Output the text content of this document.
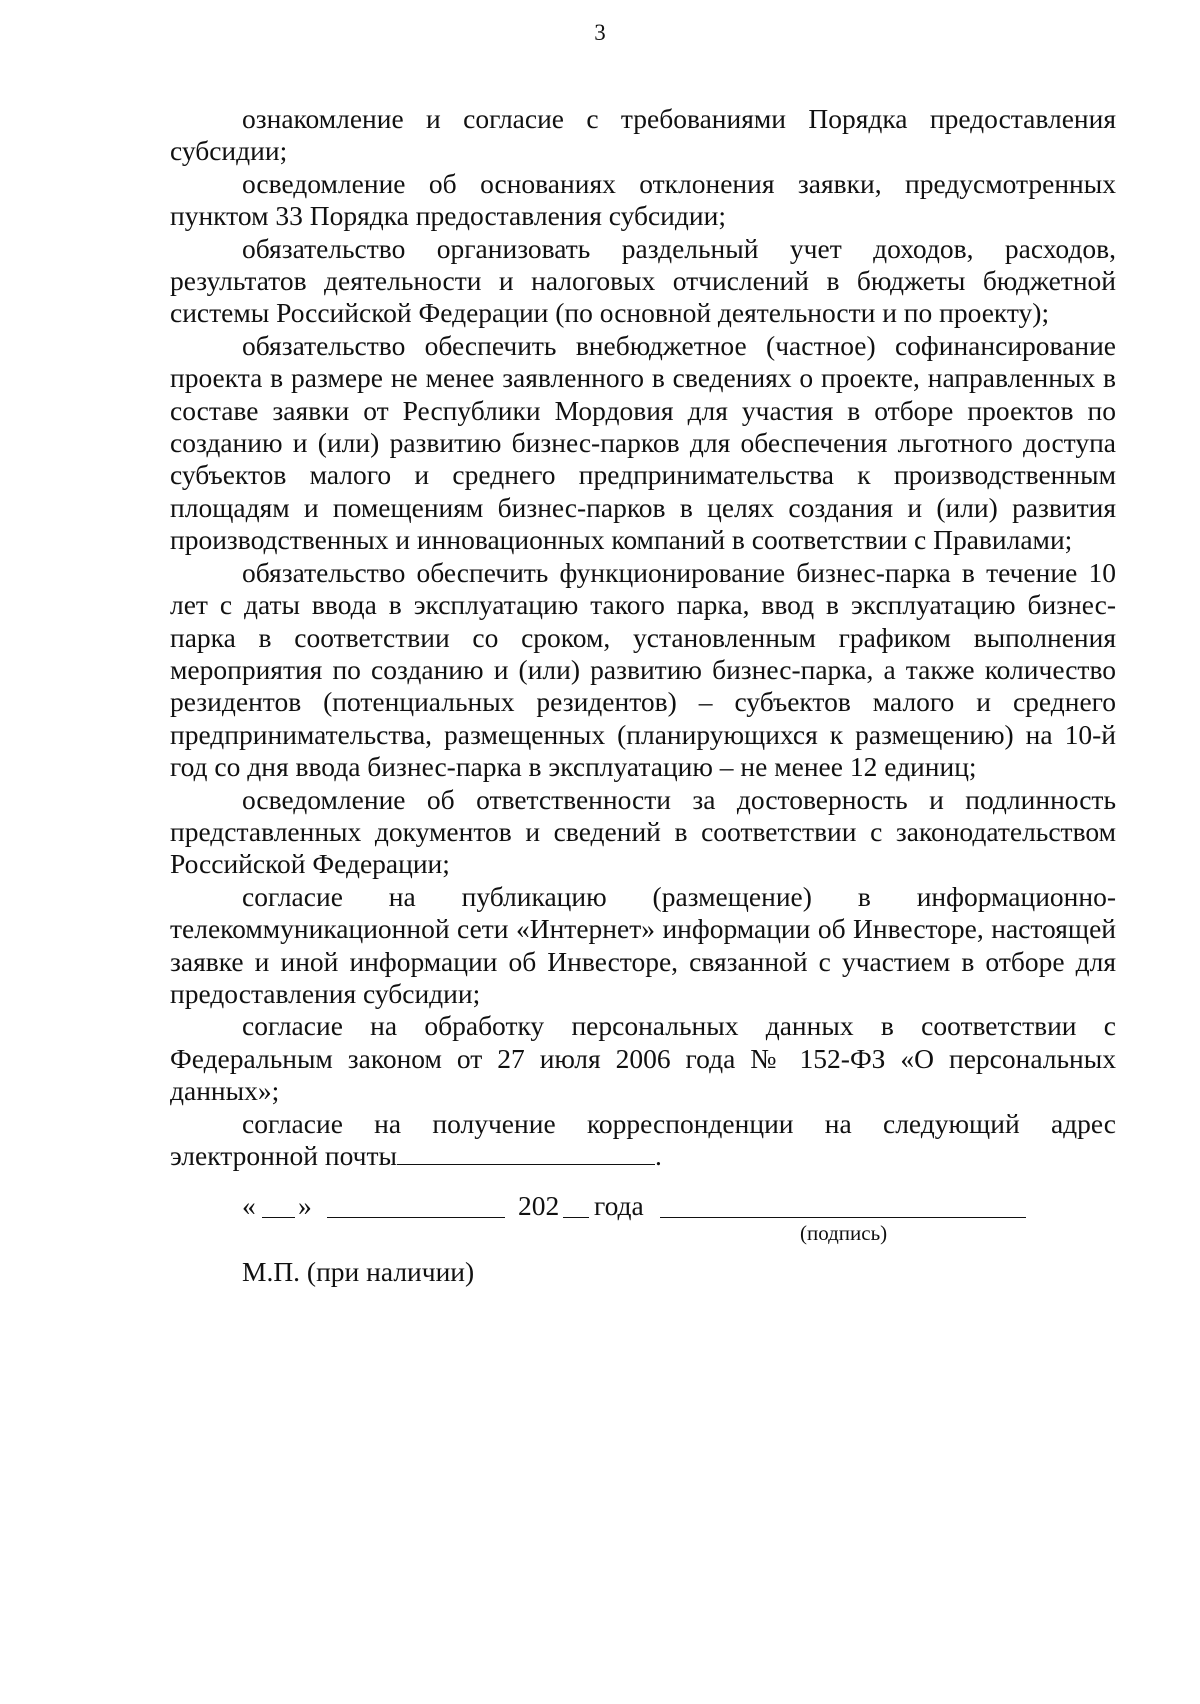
3

ознакомление и согласие с требованиями Порядка предоставления субсидии;

осведомление об основаниях отклонения заявки, предусмотренных пунктом 33 Порядка предоставления субсидии;

обязательство организовать раздельный учет доходов, расходов, результатов деятельности и налоговых отчислений в бюджеты бюджетной системы Российской Федерации (по основной деятельности и по проекту);

обязательство обеспечить внебюджетное (частное) софинансирование проекта в размере не менее заявленного в сведениях о проекте, направленных в составе заявки от Республики Мордовия для участия в отборе проектов по созданию и (или) развитию бизнес-парков для обеспечения льготного доступа субъектов малого и среднего предпринимательства к производственным площадям и помещениям бизнес-парков в целях создания и (или) развития производственных и инновационных компаний в соответствии с Правилами;

обязательство обеспечить функционирование бизнес-парка в течение 10 лет с даты ввода в эксплуатацию такого парка, ввод в эксплуатацию бизнес-парка в соответствии со сроком, установленным графиком выполнения мероприятия по созданию и (или) развитию бизнес-парка, а также количество резидентов (потенциальных резидентов) – субъектов малого и среднего предпринимательства, размещенных (планирующихся к размещению) на 10-й год со дня ввода бизнес-парка в эксплуатацию – не менее 12 единиц;

осведомление об ответственности за достоверность и подлинность представленных документов и сведений в соответствии с законодательством Российской Федерации;

согласие на публикацию (размещение) в информационно-телекоммуникационной сети «Интернет» информации об Инвесторе, настоящей заявке и иной информации об Инвесторе, связанной с участием в отборе для предоставления субсидии;

согласие на обработку персональных данных в соответствии с Федеральным законом от 27 июля 2006 года № 152-ФЗ «О персональных данных»;

согласие на получение корреспонденции на следующий адрес электронной почты	.

« »	202 года
(подпись)
М.П. (при наличии)
